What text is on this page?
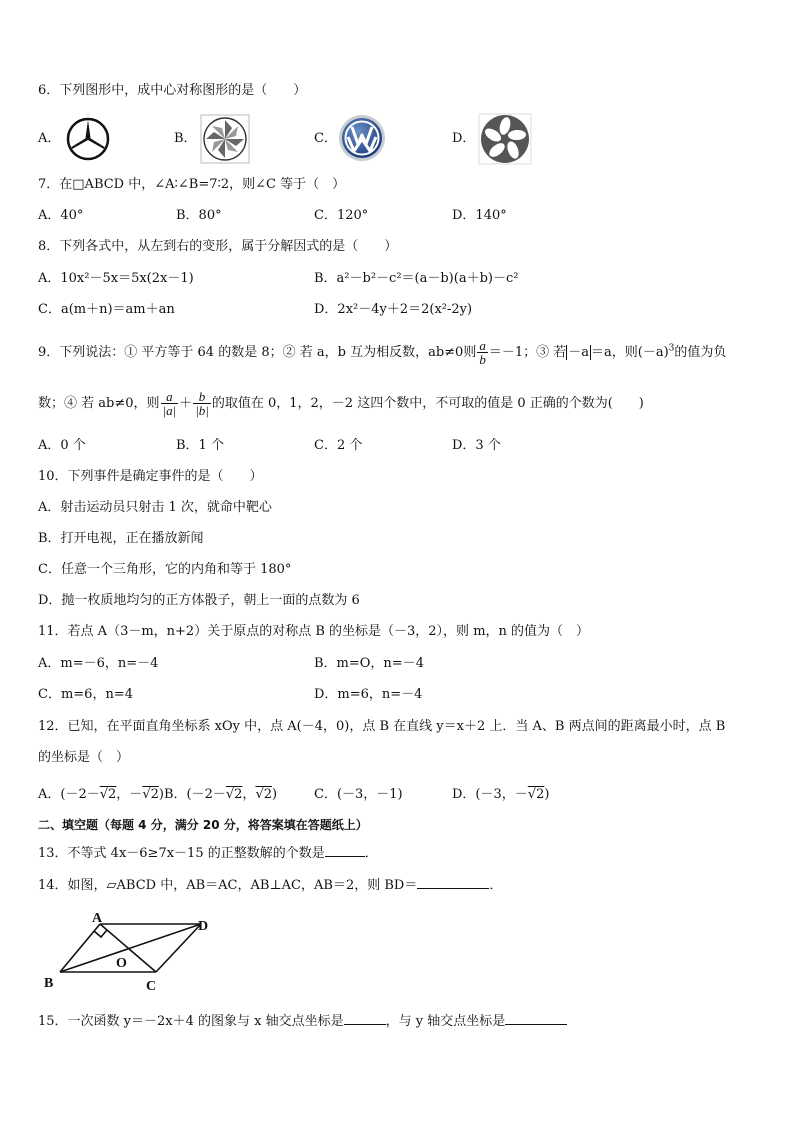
6．下列图形中，成中心对称图形的是（　　）
A．	B．	C．	D．
7．在□ABCD 中，∠A∶∠B=7∶2，则∠C 等于（　）
A．40°	B．80°	C．120°	D．140°
8．下列各式中，从左到右的变形，属于分解因式的是（　　）
A．10x²－5x＝5x(2x－1)	B．a²－b²－c²＝(a－b)(a＋b)－c²
C．a(m＋n)＝am＋an	D．2x²－4y＋2＝2(x²-2y)
9．下列说法：① 平方等于 64 的数是 8；② 若 a，b 互为相反数，ab≠0则 $\frac{a}{b} =-1$；③ 若 －a ＝a，则$(-a)^3$的值为负
数；④ 若 ab≠0，则 $\frac{a}{|a|} + \frac{b}{|b|}$ 的取值在 0，1，2，－2 这四个数中，不可取的值是 0 正确的个数为(　　)
A．0 个	B．1 个	C．2 个	D．3 个
10．下列事件是确定事件的是（　　）
A．射击运动员只射击 1 次，就命中靶心
B．打开电视，正在播放新闻
C．任意一个三角形，它的内角和等于 180°
D．抛一枚质地均匀的正方体骰子，朝上一面的点数为 6
11．若点 A（3－m，n+2）关于原点的对称点 B 的坐标是（－3，2），则 m，n 的值为（　）
A．m=－6，n=－4	B．m=O，n=－4
C．m=6，n=4	D．m=6，n=－4
12．已知，在平面直角坐标系 xOy 中，点 A(－4，0)，点 B 在直线 y＝x＋2 上．当 A、B 两点间的距离最小时，点 B
的坐标是（　）
A．(－2－√2，－√2)B．(－2－√2，√2)	C．(－3，－1)	D．(－3，－√2)
二、填空题（每题 4 分，满分 20 分，将答案填在答题纸上）
13．不等式 4x－6≥7x－15 的正整数解的个数是	．
14．如图，▱ABCD 中，AB＝AC，AB⊥AC，AB＝2，则 BD＝	．
A
B	C
D
O
15．一次函数 y＝－2x＋4 的图象与 x 轴交点坐标是	，与 y 轴交点坐标是
